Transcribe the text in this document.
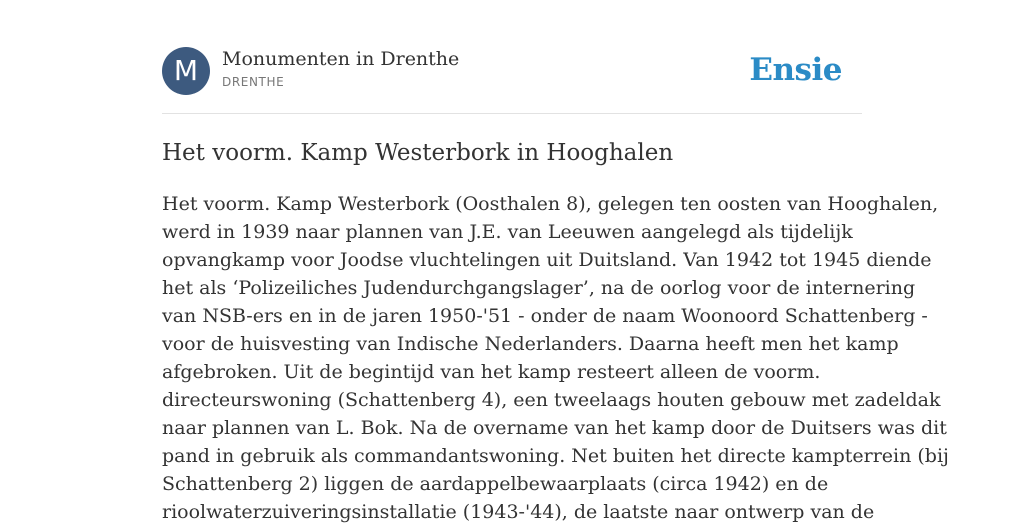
M	Monumenten in Drenthe
DRENTHE	Ensie
Het voorm. Kamp Westerbork in Hooghalen
Het voorm. Kamp Westerbork (Oosthalen 8), gelegen ten oosten van Hooghalen,
werd in 1939 naar plannen van J.E. van Leeuwen aangelegd als tijdelijk
opvangkamp voor Joodse vluchtelingen uit Duitsland. Van 1942 tot 1945 diende
het als ‘Polizeiliches Judendurchgangslager’, na de oorlog voor de internering
van NSB-ers en in de jaren 1950-'51 - onder de naam Woonoord Schattenberg -
voor de huisvesting van Indische Nederlanders. Daarna heeft men het kamp
afgebroken. Uit de begintijd van het kamp resteert alleen de voorm.
directeurswoning (Schattenberg 4), een tweelaags houten gebouw met zadeldak
naar plannen van L. Bok. Na de overname van het kamp door de Duitsers was dit
pand in gebruik als commandantswoning. Net buiten het directe kampterrein (bij
Schattenberg 2) liggen de aardappelbewaarplaats (circa 1942) en de
rioolwaterzuiveringsinstallatie (1943-'44), de laatste naar ontwerp van de
